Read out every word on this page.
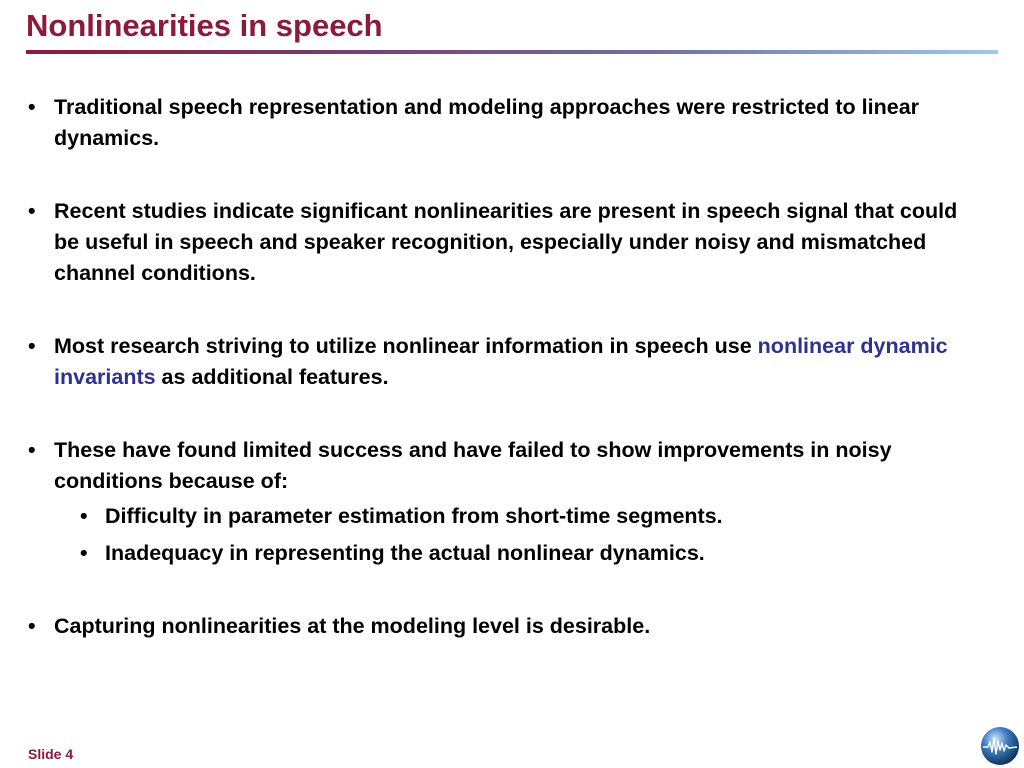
Nonlinearities in speech
• Traditional speech representation and modeling approaches were restricted to linear dynamics.
• Recent studies indicate significant nonlinearities are present in speech signal that could be useful in speech and speaker recognition, especially under noisy and mismatched channel conditions.
• Most research striving to utilize nonlinear information in speech use nonlinear dynamic invariants as additional features.
• These have found limited success and have failed to show improvements in noisy conditions because of:
• Difficulty in parameter estimation from short-time segments.
• Inadequacy in representing the actual nonlinear dynamics.
• Capturing nonlinearities at the modeling level is desirable.
Slide 4
